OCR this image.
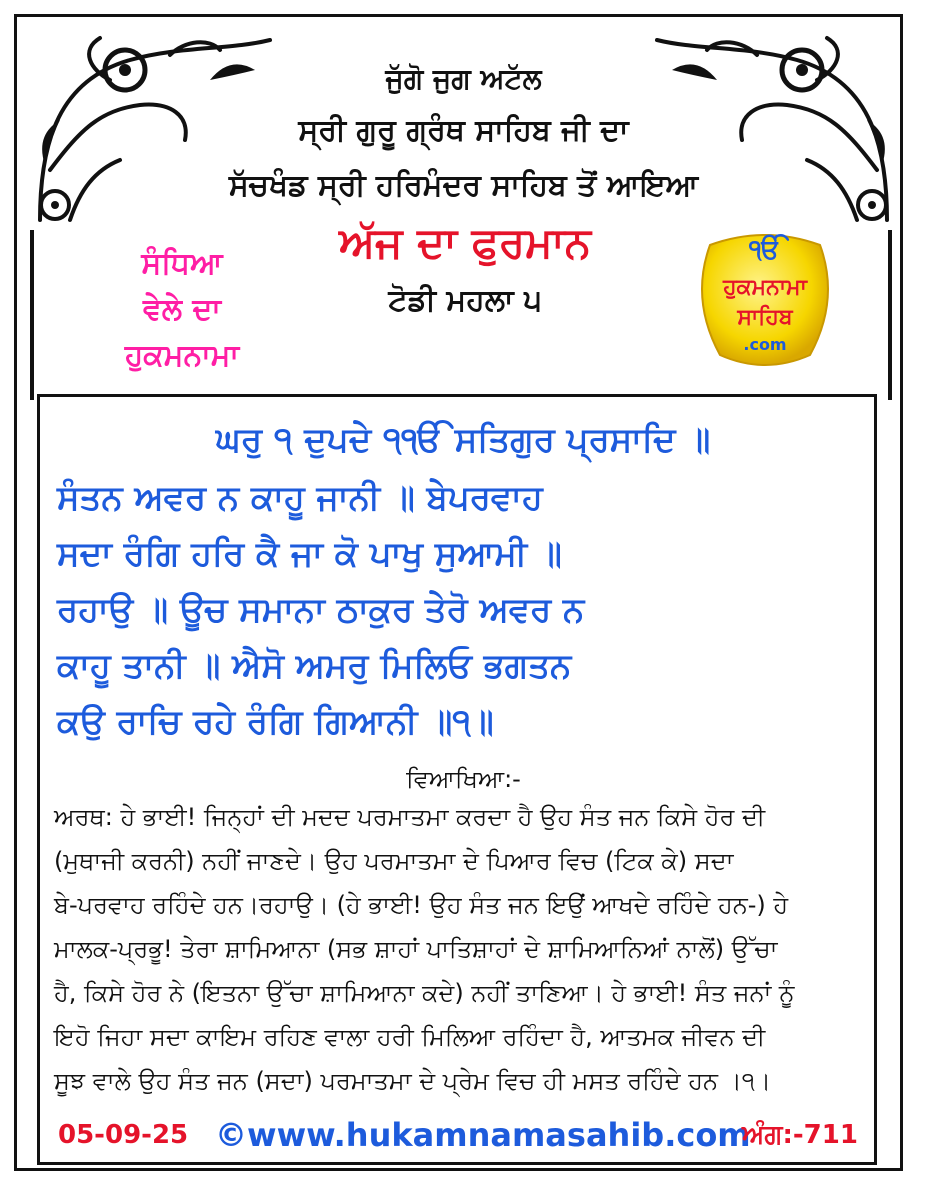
ਜੁੱਗੋ ਜੁਗ ਅਟੱਲ
ਸ੍ਰੀ ਗੁਰੂ ਗ੍ਰੰਥ ਸਾਹਿਬ ਜੀ ਦਾ
ਸੱਚਖੰਡ ਸ੍ਰੀ ਹਰਿਮੰਦਰ ਸਾਹਿਬ ਤੋਂ ਆਇਆ
ਸੰਧਿਆ
ਵੇਲੇ ਦਾ
ਹੁਕਮਨਾਮਾ
ਅੱਜ ਦਾ ਫੁਰਮਾਨ
ਟੋਡੀ ਮਹਲਾ ੫
ੴ
ਹੁਕਮਨਾਮਾ
ਸਾਹਿਬ
.com
ਘਰੁ ੧ ਦੁਪਦੇ ੧ੴ ਸਤਿਗੁਰ ਪ੍ਰਸਾਦਿ ॥
ਸੰਤਨ ਅਵਰ ਨ ਕਾਹੂ ਜਾਨੀ ॥ ਬੇਪਰਵਾਹ
ਸਦਾ ਰੰਗਿ ਹਰਿ ਕੈ ਜਾ ਕੋ ਪਾਖੁ ਸੁਆਮੀ ॥
ਰਹਾਉ ॥ ਊਚ ਸਮਾਨਾ ਠਾਕੁਰ ਤੇਰੋ ਅਵਰ ਨ
ਕਾਹੂ ਤਾਨੀ ॥ ਐਸੋ ਅਮਰੁ ਮਿਲਿਓ ਭਗਤਨ
ਕਉ ਰਾਚਿ ਰਹੇ ਰੰਗਿ ਗਿਆਨੀ ॥੧॥
ਵਿਆਖਿਆ:-
ਅਰਥ: ਹੇ ਭਾਈ! ਜਿਨ੍ਹਾਂ ਦੀ ਮਦਦ ਪਰਮਾਤਮਾ ਕਰਦਾ ਹੈ ਉਹ ਸੰਤ ਜਨ ਕਿਸੇ ਹੋਰ ਦੀ
(ਮੁਥਾਜੀ ਕਰਨੀ) ਨਹੀਂ ਜਾਣਦੇ। ਉਹ ਪਰਮਾਤਮਾ ਦੇ ਪਿਆਰ ਵਿਚ (ਟਿਕ ਕੇ) ਸਦਾ
ਬੇ-ਪਰਵਾਹ ਰਹਿੰਦੇ ਹਨ।ਰਹਾਉ। (ਹੇ ਭਾਈ! ਉਹ ਸੰਤ ਜਨ ਇਉਂ ਆਖਦੇ ਰਹਿੰਦੇ ਹਨ-) ਹੇ
ਮਾਲਕ-ਪ੍ਰਭੂ! ਤੇਰਾ ਸ਼ਾਮਿਆਨਾ (ਸਭ ਸ਼ਾਹਾਂ ਪਾਤਿਸ਼ਾਹਾਂ ਦੇ ਸ਼ਾਮਿਆਨਿਆਂ ਨਾਲੋਂ) ਉੱਚਾ
ਹੈ, ਕਿਸੇ ਹੋਰ ਨੇ (ਇਤਨਾ ਉੱਚਾ ਸ਼ਾਮਿਆਨਾ ਕਦੇ) ਨਹੀਂ ਤਾਣਿਆ। ਹੇ ਭਾਈ! ਸੰਤ ਜਨਾਂ ਨੂੰ
ਇਹੋ ਜਿਹਾ ਸਦਾ ਕਾਇਮ ਰਹਿਣ ਵਾਲਾ ਹਰੀ ਮਿਲਿਆ ਰਹਿੰਦਾ ਹੈ, ਆਤਮਕ ਜੀਵਨ ਦੀ
ਸੂਝ ਵਾਲੇ ਉਹ ਸੰਤ ਜਨ (ਸਦਾ) ਪਰਮਾਤਮਾ ਦੇ ਪ੍ਰੇਮ ਵਿਚ ਹੀ ਮਸਤ ਰਹਿੰਦੇ ਹਨ ।੧।
05-09-25 ©www.hukamnamasahib.com
ਅੰਗ:-711
